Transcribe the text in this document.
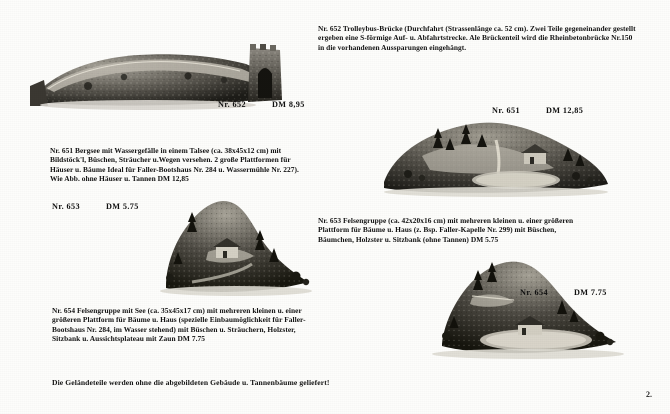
Nr. 652 Trolleybus-Brücke (Durchfahrt (Strassenlänge ca. 52 cm). Zwei Teile gegeneinander gestellt ergeben eine S-förmige Auf- u. Abfahrtstrecke. Ale Brückenteil wird die Rheinbetonbrücke Nr.150 in die vorhandenen Aussparungen eingehängt.
Nr. 652	DM 8,95
Nr. 651	DM 12,85
Nr. 651 Bergsee mit Wassergefälle in einem Talsee (ca. 38x45x12 cm) mit Bildstöck'l, Büschen, Sträucher u.Wegen versehen. 2 große Plattformen für Häuser u. Bäume Ideal für Faller-Bootshaus Nr. 284 u. Wassermühle Nr. 227). Wie Abb. ohne Häuser u. Tannen DM 12,85
Nr. 653	DM 5.75
Nr. 653 Felsengruppe (ca. 42x20x16 cm) mit mehreren kleinen u. einer größeren Plattform für Bäume u. Haus (z. Bsp. Faller-Kapelle Nr. 299) mit Büschen, Bäumchen, Holzster u. Sitzbank (ohne Tannen) DM 5.75
Nr. 654	DM 7.75
Nr. 654 Felsengruppe mit See (ca. 35x45x17 cm) mit mehreren kleinen u. einer größeren Plattform für Bäume u. Haus (spezielle Einbaumöglichkeit für Faller-Bootshaus Nr. 284, im Wasser stehend) mit Büschen u. Sträuchern, Holzster, Sitzbank u. Aussichtsplateau mit Zaun DM 7.75
Die Geländeteile werden ohne die abgebildeten Gebäude u. Tannenbäume geliefert!
2.
